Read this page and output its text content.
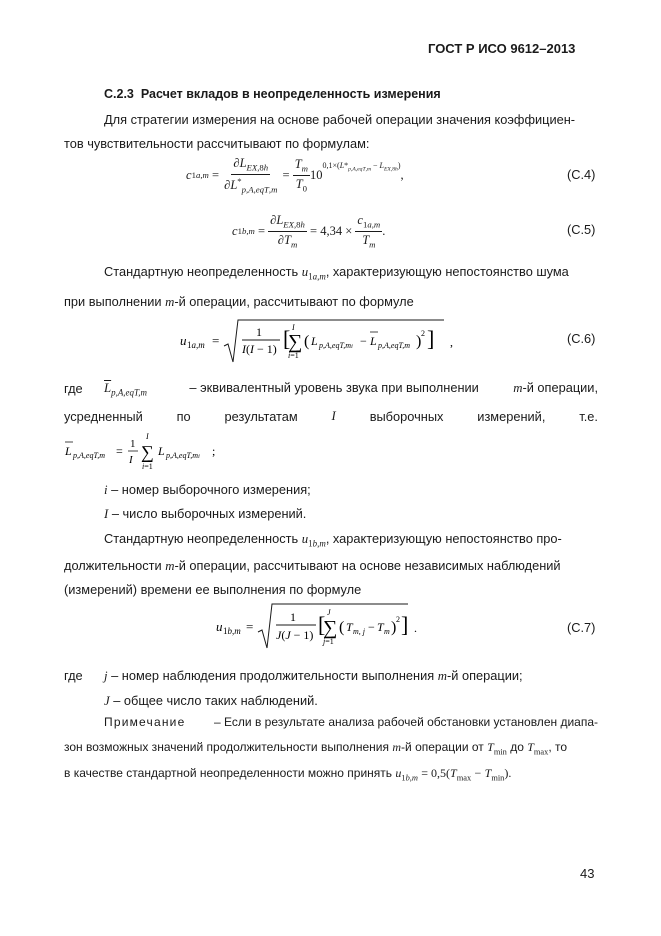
ГОСТ Р ИСО 9612–2013
С.2.3 Расчет вкладов в неопределенность измерения
Для стратегии измерения на основе рабочей операции значения коэффициен-
тов чувствительности рассчитывают по формулам:
c $1a,m = \frac{\partial L_{EX,8h}}{\partial L^*_{p,A,eqT,m}} = \frac{T_m}{T_0} 10$
$^{0,1\times(L*_{p,A,eqT,m} - L_{EX,8h})}$
,	(С.4)
c $1b,m = \frac{\partial L_{EX,8h}}{\partial T_m} = 4,34 \times \frac{c_{1a,m}}{T_m}$ .	(С.5)
Стандартную неопределенность $u_{1a,m}$, характеризующую непостоянство шума
при выполнении m-й операции, рассчитывают по формуле
u 1a,m =
1
I(I − 1) [ I
∑
i=1
( L p,A,eqT,mi − L p,A,eqT,m ) 2 ] ,	(С.6)
где $\overline{L}_{p,A,eqT,m}$	– эквивалентный уровень звука при выполнении	m-й операции,
усредненный	по	результатам	I	выборочных	измерений,	т.е.
L p,A,eqT,m = 1
I
I
∑
i=1
L p,A,eqT,mi ;
i – номер выборочного измерения;
I – число выборочных измерений.
Стандартную неопределенность $u_{1b,m}$, характеризующую непостоянство про-
должительности m-й операции, рассчитывают на основе независимых наблюдений
(измерений) времени ее выполнения по формуле
u 1b,m =
1
J(J − 1) [ J
∑
j=1
( T m, j − T m ) 2 ] .	(С.7)
где j – номер наблюдения продолжительности выполнения m-й операции;
J – общее число таких наблюдений.
Примечание – Если в результате анализа рабочей обстановки установлен диапа-
зон возможных значений продолжительности выполнения m-й операции от $T_{min}$ до $T_{max}$, то
в качестве стандартной неопределенности можно принять $u_{1b,m} = 0,5(T_{max} - T_{min})$.
43
